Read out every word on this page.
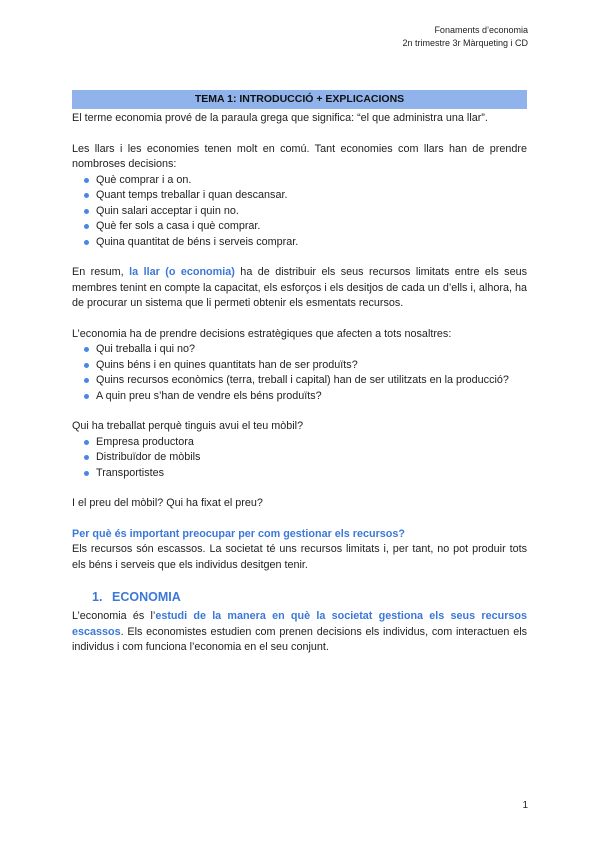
Fonaments d’economia
2n trimestre 3r Màrqueting i CD
TEMA 1: INTRODUCCIÓ + EXPLICACIONS

El terme economia prové de la paraula grega que significa: “el que administra una llar”.

Les llars i les economies tenen molt en comú. Tant economies com llars han de prendre nombroses decisions:

Què comprar i a on.
Quant temps treballar i quan descansar.
Quin salari acceptar i quin no.
Què fer sols a casa i què comprar.
Quina quantitat de béns i serveis comprar.

En resum, la llar (o economia) ha de distribuir els seus recursos limitats entre els seus membres tenint en compte la capacitat, els esforços i els desitjos de cada un d’ells i, alhora, ha de procurar un sistema que li permeti obtenir els esmentats recursos.

L’economia ha de prendre decisions estratègiques que afecten a tots nosaltres:

Qui treballa i qui no?
Quins béns i en quines quantitats han de ser produïts?
Quins recursos econòmics (terra, treball i capital) han de ser utilitzats en la producció?
A quin preu s’han de vendre els béns produïts?

Qui ha treballat perquè tinguis avui el teu mòbil?

Empresa productora
Distribuïdor de mòbils
Transportistes

I el preu del mòbil? Qui ha fixat el preu?

Per què és important preocupar per com gestionar els recursos?

Els recursos són escassos. La societat té uns recursos limitats i, per tant, no pot produir tots els béns i serveis que els individus desitgen tenir.

1. ECONOMIA

L’economia és l’estudi de la manera en què la societat gestiona els seus recursos escassos. Els economistes estudien com prenen decisions els individus, com interactuen els individus i com funciona l’economia en el seu conjunt.

1
